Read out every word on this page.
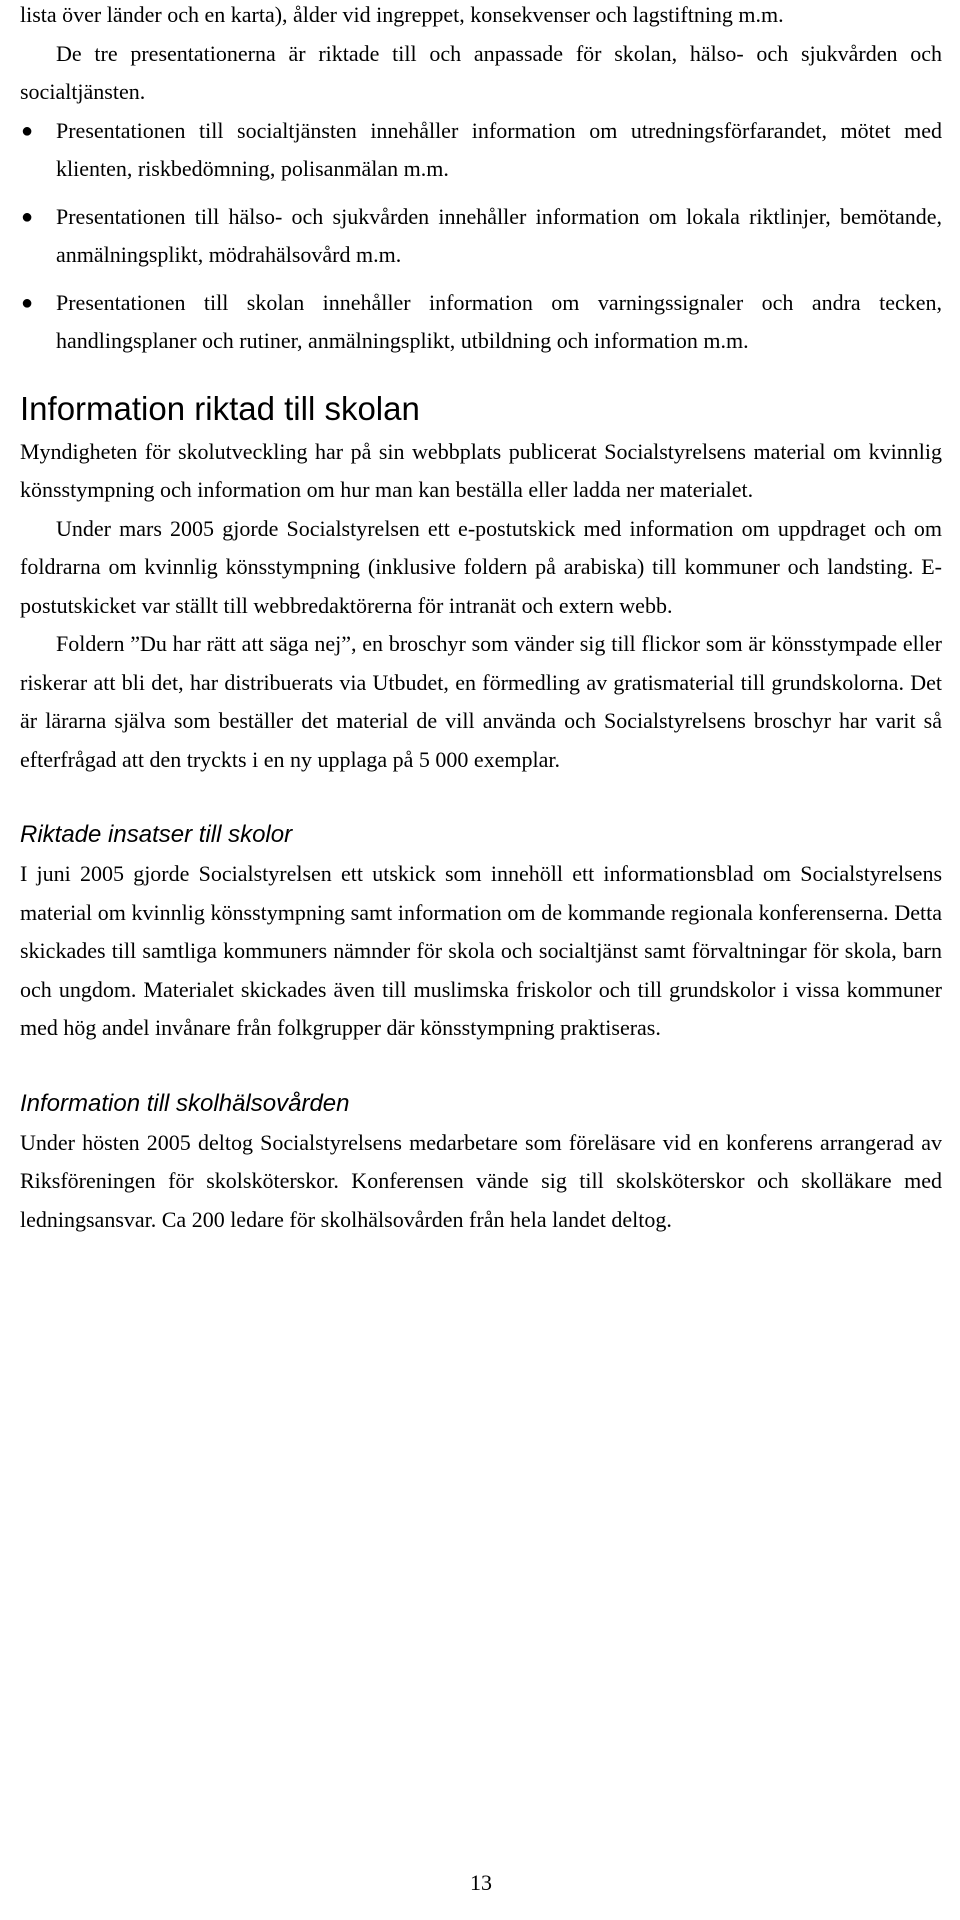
lista över länder och en karta), ålder vid ingreppet, konsekvenser och lagstiftning m.m.

De tre presentationerna är riktade till och anpassade för skolan, hälso- och sjukvården och socialtjänsten.

●	Presentationen till socialtjänsten innehåller information om utredningsförfarandet, mötet med klienten, riskbedömning, polisanmälan m.m.
●	Presentationen till hälso- och sjukvården innehåller information om lokala riktlinjer, bemötande, anmälningsplikt, mödrahälsovård m.m.
●	Presentationen till skolan innehåller information om varningssignaler och andra tecken, handlingsplaner och rutiner, anmälningsplikt, utbildning och information m.m.
Information riktad till skolan

Myndigheten för skolutveckling har på sin webbplats publicerat Socialstyrelsens material om kvinnlig könsstympning och information om hur man kan beställa eller ladda ner materialet.

Under mars 2005 gjorde Socialstyrelsen ett e-postutskick med information om uppdraget och om foldrarna om kvinnlig könsstympning (inklusive foldern på arabiska) till kommuner och landsting. E-postutskicket var ställt till webbredaktörerna för intranät och extern webb.

Foldern ”Du har rätt att säga nej”, en broschyr som vänder sig till flickor som är könsstympade eller riskerar att bli det, har distribuerats via Utbudet, en förmedling av gratismaterial till grundskolorna. Det är lärarna själva som beställer det material de vill använda och Socialstyrelsens broschyr har varit så efterfrågad att den tryckts i en ny upplaga på 5 000 exemplar.

Riktade insatser till skolor

I juni 2005 gjorde Socialstyrelsen ett utskick som innehöll ett informationsblad om Socialstyrelsens material om kvinnlig könsstympning samt information om de kommande regionala konferenserna. Detta skickades till samtliga kommuners nämnder för skola och socialtjänst samt förvaltningar för skola, barn och ungdom. Materialet skickades även till muslimska friskolor och till grundskolor i vissa kommuner med hög andel invånare från folkgrupper där könsstympning praktiseras.

Information till skolhälsovården

Under hösten 2005 deltog Socialstyrelsens medarbetare som föreläsare vid en konferens arrangerad av Riksföreningen för skolsköterskor. Konferensen vände sig till skolsköterskor och skolläkare med ledningsansvar. Ca 200 ledare för skolhälsovården från hela landet deltog.

13
